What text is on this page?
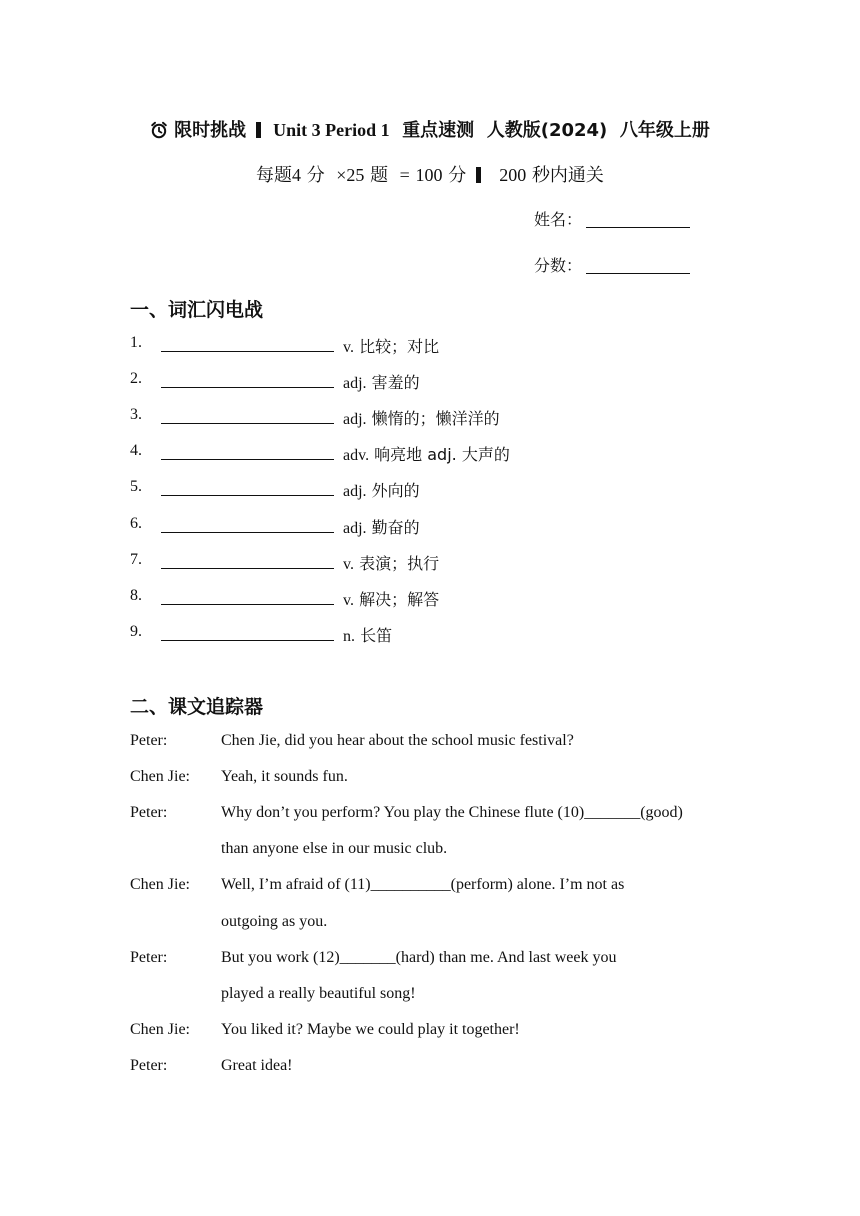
限时挑战 Unit 3 Period 1 重点速测 人教版(2024) 八年级上册
每题4 分 ×25 题 = 100 分 200 秒内通关
姓名：
分数：
一、词汇闪电战
1.	v. 比较；对比
2.	adj. 害羞的
3.	adj. 懒惰的；懒洋洋的
4.	adv. 响亮地 adj. 大声的
5.	adj. 外向的
6.	adj. 勤奋的
7.	v. 表演；执行
8.	v. 解决；解答
9.	n. 长笛
二、课文追踪器
Peter:	Chen Jie, did you hear about the school music festival?
Chen Jie: Yeah, it sounds fun.
Peter:	Why don’t you perform? You play the Chinese flute (10)_______(good)
than anyone else in our music club.
Chen Jie: Well, I’m afraid of (11)__________(perform) alone. I’m not as
outgoing as you.
Peter:	But you work (12)_______(hard) than me. And last week you
played a really beautiful song!
Chen Jie: You liked it? Maybe we could play it together!
Peter:	Great idea!
